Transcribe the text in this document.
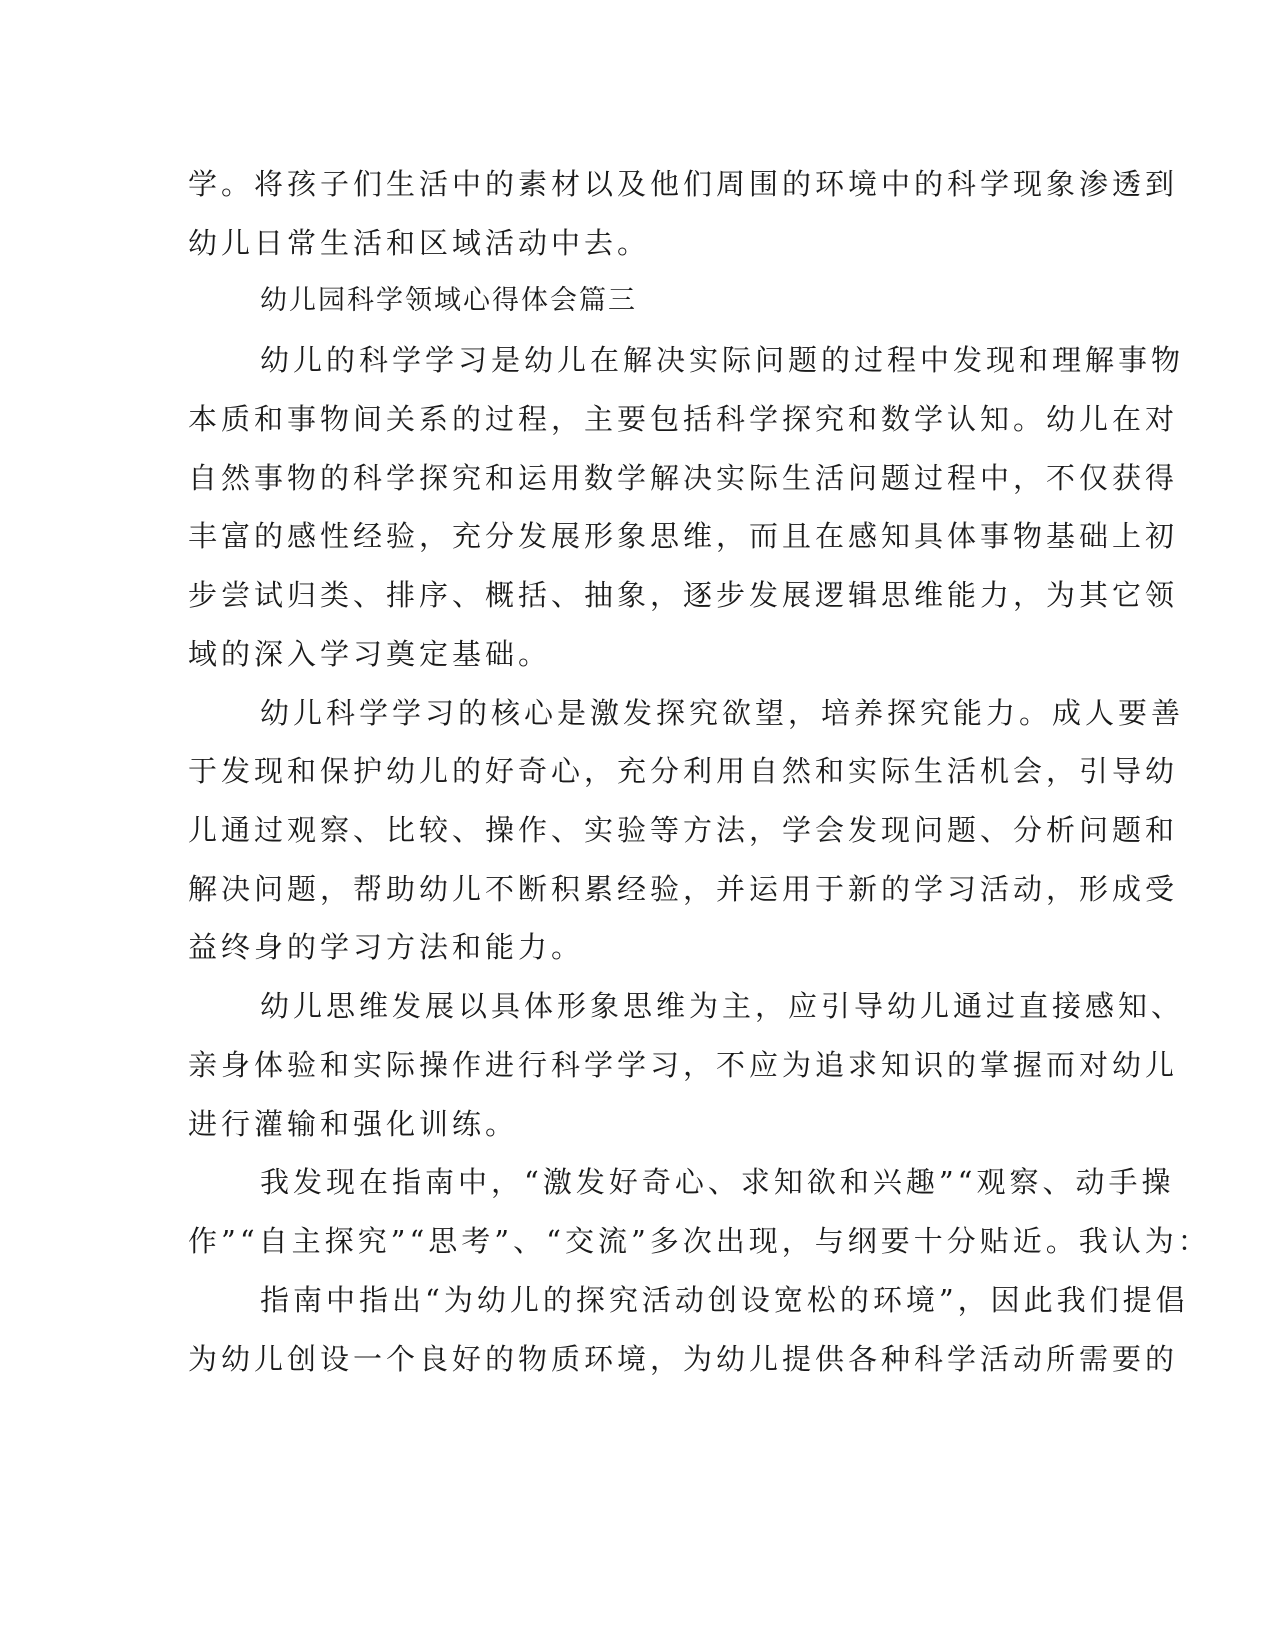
学。将孩子们生活中的素材以及他们周围的环境中的科学现象渗透到
幼儿日常生活和区域活动中去。
幼儿园科学领域心得体会篇三
幼儿的科学学习是幼儿在解决实际问题的过程中发现和理解事物
本质和事物间关系的过程，主要包括科学探究和数学认知。幼儿在对
自然事物的科学探究和运用数学解决实际生活问题过程中，不仅获得
丰富的感性经验，充分发展形象思维，而且在感知具体事物基础上初
步尝试归类、排序、概括、抽象，逐步发展逻辑思维能力，为其它领
域的深入学习奠定基础。
幼儿科学学习的核心是激发探究欲望，培养探究能力。成人要善
于发现和保护幼儿的好奇心，充分利用自然和实际生活机会，引导幼
儿通过观察、比较、操作、实验等方法，学会发现问题、分析问题和
解决问题，帮助幼儿不断积累经验，并运用于新的学习活动，形成受
益终身的学习方法和能力。
幼儿思维发展以具体形象思维为主，应引导幼儿通过直接感知、
亲身体验和实际操作进行科学学习，不应为追求知识的掌握而对幼儿
进行灌输和强化训练。
我发现在指南中，“激发好奇心、求知欲和兴趣”“观察、动手操
作”“自主探究”“思考”、“交流”多次出现，与纲要十分贴近。我认为：
指南中指出“为幼儿的探究活动创设宽松的环境”，因此我们提倡
为幼儿创设一个良好的物质环境，为幼儿提供各种科学活动所需要的
